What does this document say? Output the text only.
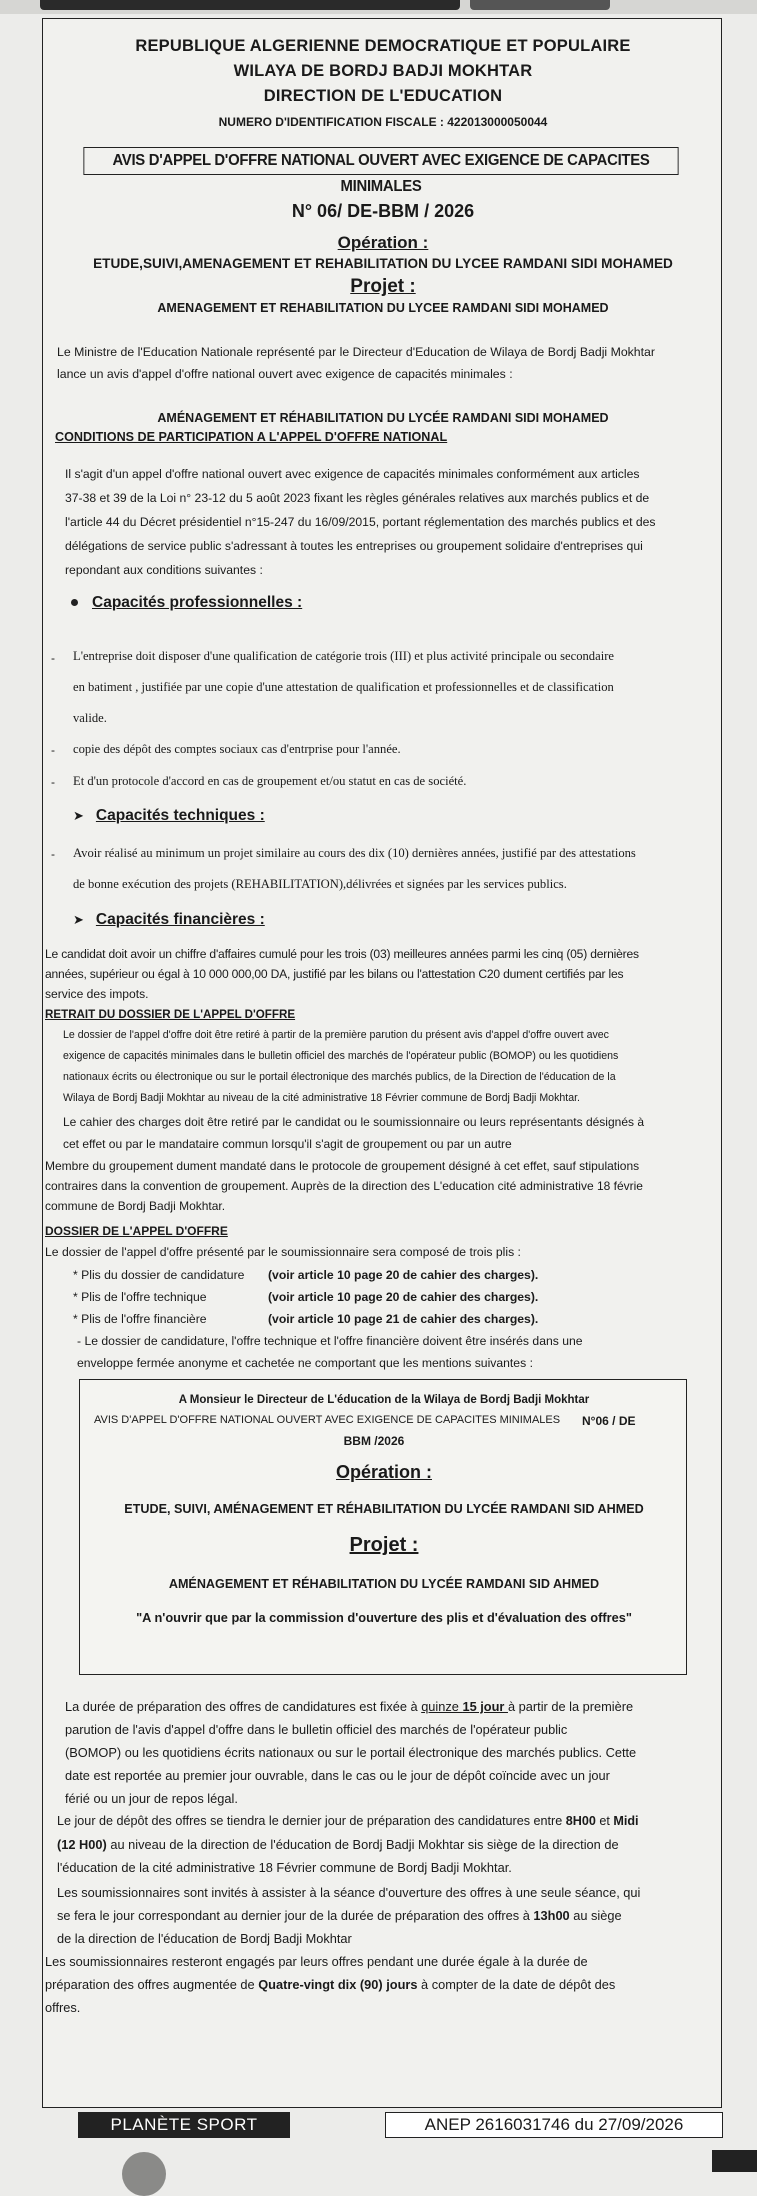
REPUBLIQUE ALGERIENNE DEMOCRATIQUE ET POPULAIRE
WILAYA DE BORDJ BADJI MOKHTAR
DIRECTION DE L'EDUCATION
NUMERO D'IDENTIFICATION FISCALE : 422013000050044
AVIS D'APPEL D'OFFRE NATIONAL OUVERT AVEC EXIGENCE DE CAPACITES MINIMALES
N° 06/ DE-BBM / 2026
Opération :
ETUDE,SUIVI,AMENAGEMENT ET REHABILITATION DU LYCEE RAMDANI SIDI MOHAMED
Projet :
AMENAGEMENT ET REHABILITATION DU LYCEE RAMDANI SIDI MOHAMED
Le Ministre de l'Education Nationale représenté par le Directeur d'Education de Wilaya de Bordj Badji Mokhtar
lance un avis d'appel d'offre national ouvert avec exigence de capacités minimales :
AMÉNAGEMENT ET RÉHABILITATION DU LYCÉE RAMDANI SIDI MOHAMED
CONDITIONS DE PARTICIPATION A L'APPEL D'OFFRE NATIONAL
Il s'agit d'un appel d'offre national ouvert avec exigence de capacités minimales conformément aux articles
37-38 et 39 de la Loi n° 23-12 du 5 août 2023 fixant les règles générales relatives aux marchés publics et de
l'article 44 du Décret présidentiel n°15-247 du 16/09/2015, portant réglementation des marchés publics et des
délégations de service public s'adressant à toutes les entreprises ou groupement solidaire d'entreprises qui
repondant aux conditions suivantes :
Capacités professionnelles :
- L'entreprise doit disposer d'une qualification de catégorie trois (III) et plus activité principale ou secondaire
en batiment , justifiée par une copie d'une attestation de qualification et professionnelles et de classification
valide.
- copie des dépôt des comptes sociaux cas d'entrprise pour l'année.
- Et d'un protocole d'accord en cas de groupement et/ou statut en cas de société.
➤ Capacités techniques :
- Avoir réalisé au minimum un projet similaire au cours des dix (10) dernières années, justifié par des attestations
de bonne exécution des projets (REHABILITATION),délivrées et signées par les services publics.
➤ Capacités financières :
Le candidat doit avoir un chiffre d'affaires cumulé pour les trois (03) meilleures années parmi les cinq (05) dernières
années, supérieur ou égal à 10 000 000,00 DA, justifié par les bilans ou l'attestation C20 dument certifiés par les
service des impots.
RETRAIT DU DOSSIER DE L'APPEL D'OFFRE
Le dossier de l'appel d'offre doit être retiré à partir de la première parution du présent avis d'appel d'offre ouvert avec
exigence de capacités minimales dans le bulletin officiel des marchés de l'opérateur public (BOMOP) ou les quotidiens
nationaux écrits ou électronique ou sur le portail électronique des marchés publics, de la Direction de l'éducation de la
Wilaya de Bordj Badji Mokhtar au niveau de la cité administrative 18 Février commune de Bordj Badji Mokhtar.
Le cahier des charges doit être retiré par le candidat ou le soumissionnaire ou leurs représentants désignés à
cet effet ou par le mandataire commun lorsqu'il s'agit de groupement ou par un autre
Membre du groupement dument mandaté dans le protocole de groupement désigné à cet effet, sauf stipulations
contraires dans la convention de groupement. Auprès de la direction des L'education cité administrative 18 févrie
commune de Bordj Badji Mokhtar.
DOSSIER DE L'APPEL D'OFFRE
Le dossier de l'appel d'offre présenté par le soumissionnaire sera composé de trois plis :
* Plis du dossier de candidature (voir article 10 page 20 de cahier des charges).
* Plis de l'offre technique	(voir article 10 page 20 de cahier des charges).
* Plis de l'offre financière	(voir article 10 page 21 de cahier des charges).
- Le dossier de candidature, l'offre technique et l'offre financière doivent être insérés dans une
enveloppe fermée anonyme et cachetée ne comportant que les mentions suivantes :
A Monsieur le Directeur de L'éducation de la Wilaya de Bordj Badji Mokhtar
AVIS D'APPEL D'OFFRE NATIONAL OUVERT AVEC EXIGENCE DE CAPACITES MINIMALES N°06 / DE
BBM /2026
Opération :
ETUDE, SUIVI, AMÉNAGEMENT ET RÉHABILITATION DU LYCÉE RAMDANI SID AHMED
Projet :
AMÉNAGEMENT ET RÉHABILITATION DU LYCÉE RAMDANI SID AHMED
"A n'ouvrir que par la commission d'ouverture des plis et d'évaluation des offres"
La durée de préparation des offres de candidatures est fixée à quinze 15 jour à partir de la première
parution de l'avis d'appel d'offre dans le bulletin officiel des marchés de l'opérateur public
(BOMOP) ou les quotidiens écrits nationaux ou sur le portail électronique des marchés publics. Cette
date est reportée au premier jour ouvrable, dans le cas ou le jour de dépôt coïncide avec un jour
férié ou un jour de repos légal.
Le jour de dépôt des offres se tiendra le dernier jour de préparation des candidatures entre 8H00 et Midi
(12 H00) au niveau de la direction de l'éducation de Bordj Badji Mokhtar sis siège de la direction de
l'éducation de la cité administrative 18 Février commune de Bordj Badji Mokhtar.
Les soumissionnaires sont invités à assister à la séance d'ouverture des offres à une seule séance, qui
se fera le jour correspondant au dernier jour de la durée de préparation des offres à 13h00 au siège
de la direction de l'éducation de Bordj Badji Mokhtar
Les soumissionnaires resteront engagés par leurs offres pendant une durée égale à la durée de
préparation des offres augmentée de Quatre-vingt dix (90) jours à compter de la date de dépôt des
offres.
PLANÈTE SPORT	ANEP 2616031746 du 27/09/2026
